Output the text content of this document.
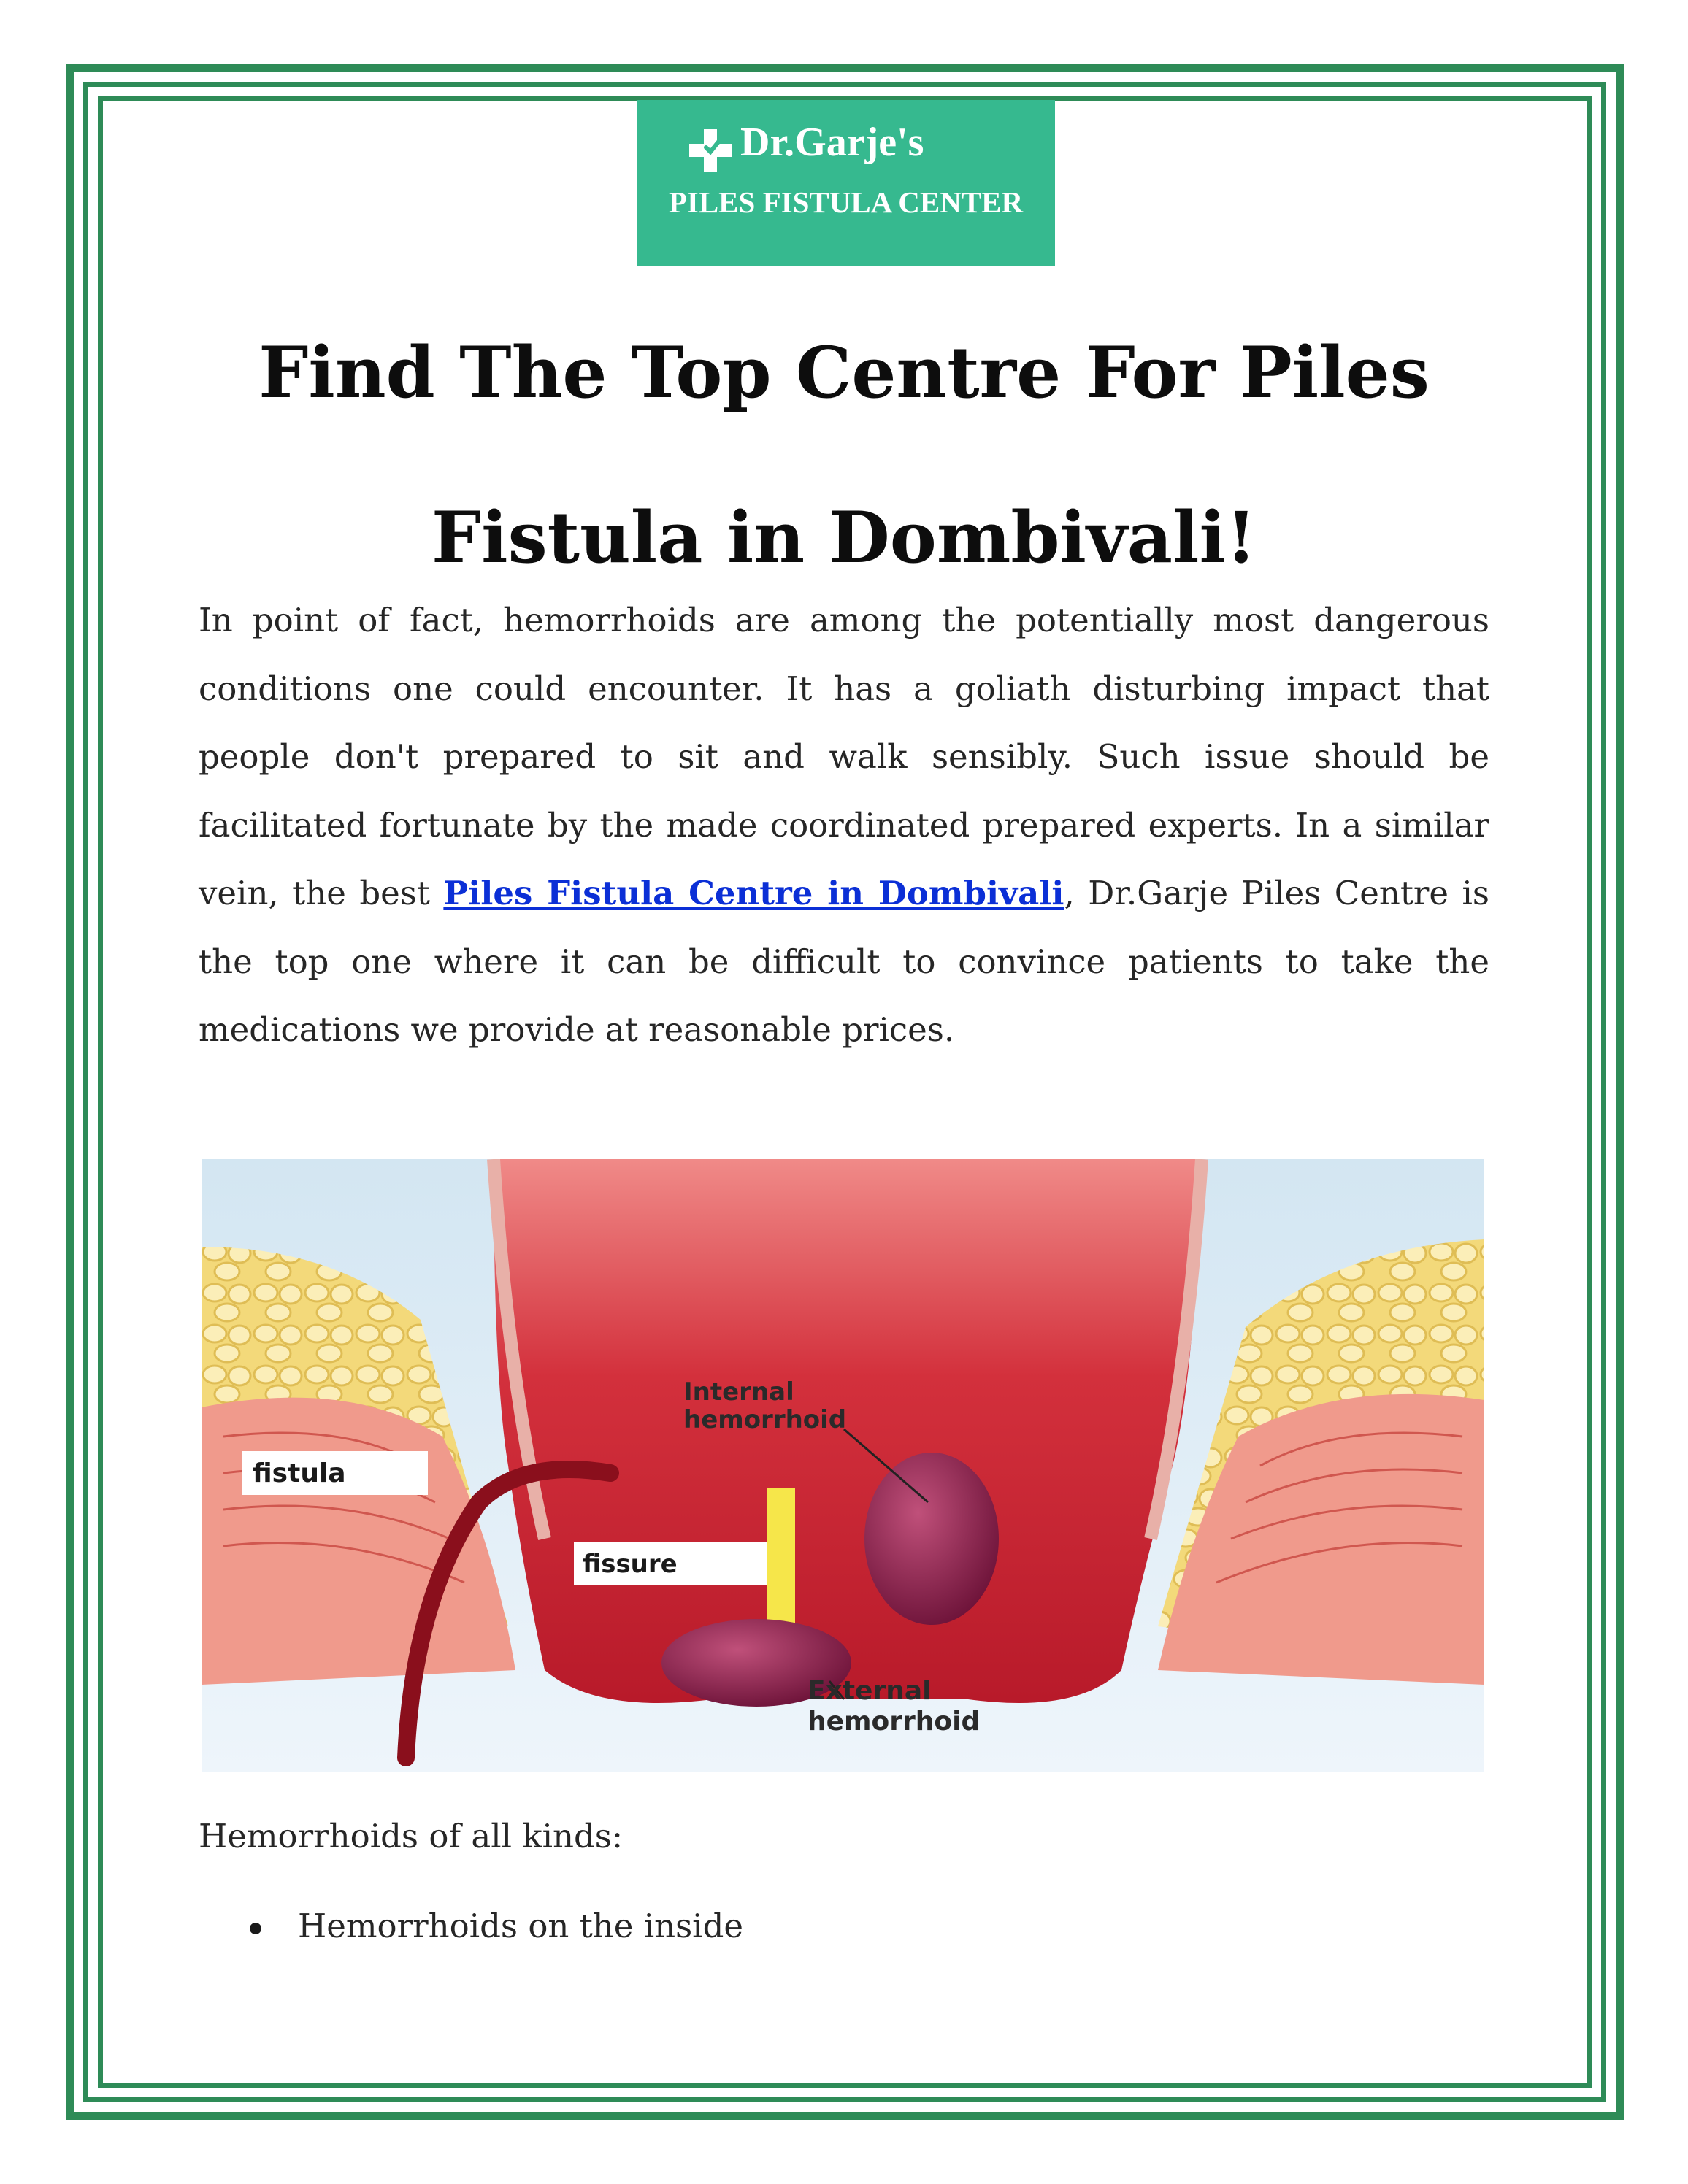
Dr.Garje's
PILES FISTULA CENTER
Find The Top Centre For Piles Fistula in Dombivali!

In point of fact, hemorrhoids are among the potentially most dangerous conditions one could encounter. It has a goliath disturbing impact that people don't prepared to sit and walk sensibly. Such issue should be facilitated fortunate by the made coordinated prepared experts. In a similar vein, the best Piles Fistula Centre in Dombivali, Dr.Garje Piles Centre is the top one where it can be difficult to convince patients to take the medications we provide at reasonable prices.

Internal
hemorrhoid
fistula
fissure
External
hemorrhoid

Hemorrhoids of all kinds:

Hemorrhoids on the inside
